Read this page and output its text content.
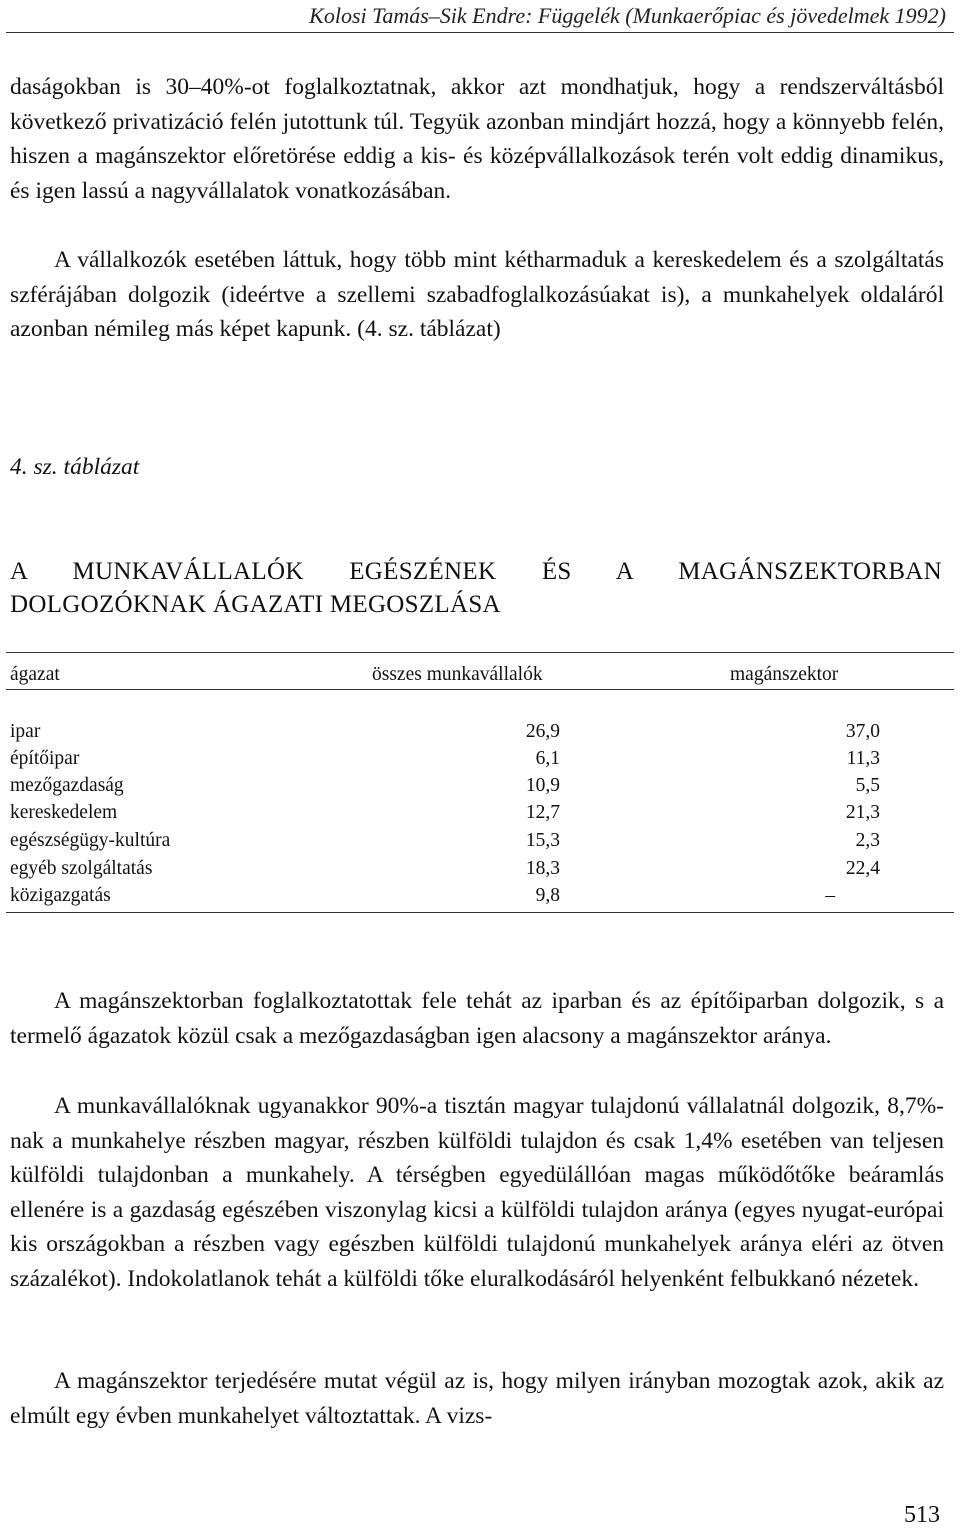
Kolosi Tamás–Sik Endre: Függelék (Munkaerőpiac és jövedelmek 1992)

daságokban is 30–40%-ot foglalkoztatnak, akkor azt mondhatjuk, hogy a rendszerváltásból következő privatizáció felén jutottunk túl. Tegyük azonban mindjárt hozzá, hogy a könnyebb felén, hiszen a magánszektor előretörése eddig a kis- és középvállalkozások terén volt eddig dinamikus, és igen lassú a nagyvállalatok vonatkozásában.

A vállalkozók esetében láttuk, hogy több mint kétharmaduk a kereskedelem és a szolgáltatás szférájában dolgozik (ideértve a szellemi szabadfoglalkozásúakat is), a munkahelyek oldaláról azonban némileg más képet kapunk. (4. sz. táblázat)

4. sz. táblázat

A MUNKAVÁLLALÓK EGÉSZÉNEK ÉS A MAGÁNSZEKTORBAN DOLGOZÓKNAK ÁGAZATI MEGOSZLÁSA

ágazat	összes munkavállalók	magánszektor
ipar	26,9	37,0
építőipar	6,1	11,3
mezőgazdaság	10,9	5,5
kereskedelem	12,7	21,3
egészségügy-kultúra	15,3	2,3
egyéb szolgáltatás	18,3	22,4
közigazgatás	9,8	–

A magánszektorban foglalkoztatottak fele tehát az iparban és az építőiparban dolgozik, s a termelő ágazatok közül csak a mezőgazdaságban igen alacsony a magánszektor aránya.

A munkavállalóknak ugyanakkor 90%-a tisztán magyar tulajdonú vállalatnál dolgozik, 8,7%-nak a munkahelye részben magyar, részben külföldi tulajdon és csak 1,4% esetében van teljesen külföldi tulajdonban a munkahely. A térségben egyedülállóan magas működőtőke beáramlás ellenére is a gazdaság egészében viszonylag kicsi a külföldi tulajdon aránya (egyes nyugat-európai kis országokban a részben vagy egészben külföldi tulajdonú munkahelyek aránya eléri az ötven százalékot). Indokolatlanok tehát a külföldi tőke eluralkodásáról helyenként felbukkanó nézetek.

A magánszektor terjedésére mutat végül az is, hogy milyen irányban mozogtak azok, akik az elmúlt egy évben munkahelyet változtattak. A vizs-

513
